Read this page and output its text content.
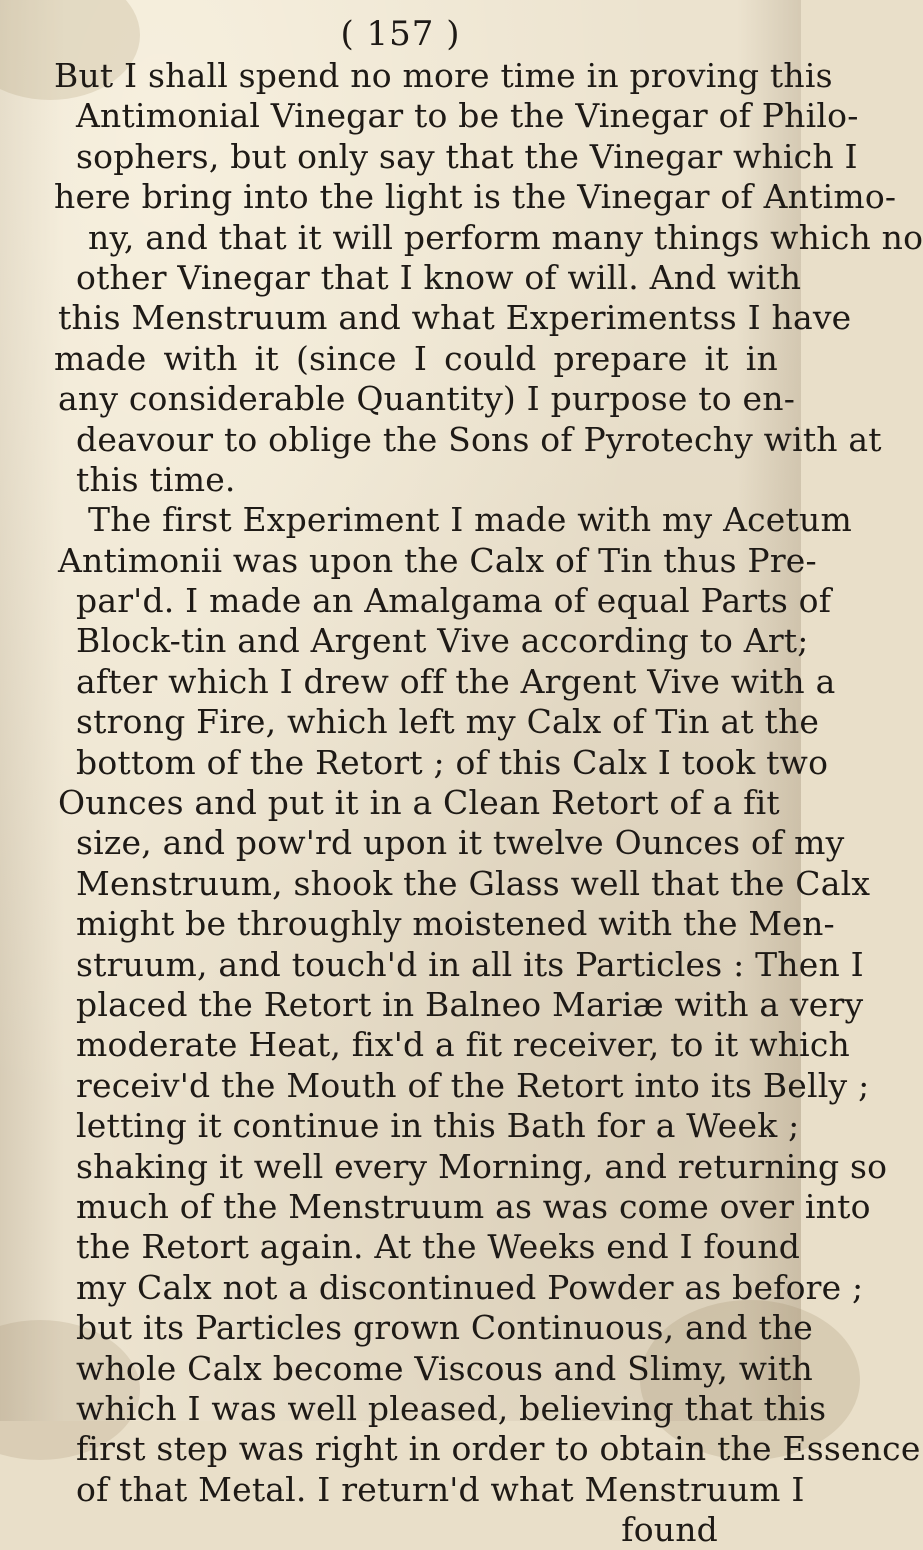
( 157 )
But I shall spend no more time in proving this
Antimonial Vinegar to be the Vinegar of Philo-
sophers, but only say that the Vinegar which I
here bring into the light is the Vinegar of Antimo-
ny, and that it will perform many things which no
other Vinegar that I know of will. And with
this Menstruum and what Experimentss I have
made with it (since I could prepare it in
any considerable Quantity) I purpose to en-
deavour to oblige the Sons of Pyrotechy with at
this time.
The first Experiment I made with my Acetum
Antimonii was upon the Calx of Tin thus Pre-
par'd. I made an Amalgama of equal Parts of
Block-tin and Argent Vive according to Art;
after which I drew off the Argent Vive with a
strong Fire, which left my Calx of Tin at the
bottom of the Retort ; of this Calx I took two
Ounces and put it in a Clean Retort of a fit
size, and pow'rd upon it twelve Ounces of my
Menstruum, shook the Glass well that the Calx
might be throughly moistened with the Men-
struum, and touch'd in all its Particles : Then I
placed the Retort in Balneo Mariæ with a very
moderate Heat, fix'd a fit receiver, to it which
receiv'd the Mouth of the Retort into its Belly ;
letting it continue in this Bath for a Week ;
shaking it well every Morning, and returning so
much of the Menstruum as was come over into
the Retort again. At the Weeks end I found
my Calx not a discontinued Powder as before ;
but its Particles grown Continuous, and the
whole Calx become Viscous and Slimy, with
which I was well pleased, believing that this
first step was right in order to obtain the Essence
of that Metal. I return'd what Menstruum I
found
